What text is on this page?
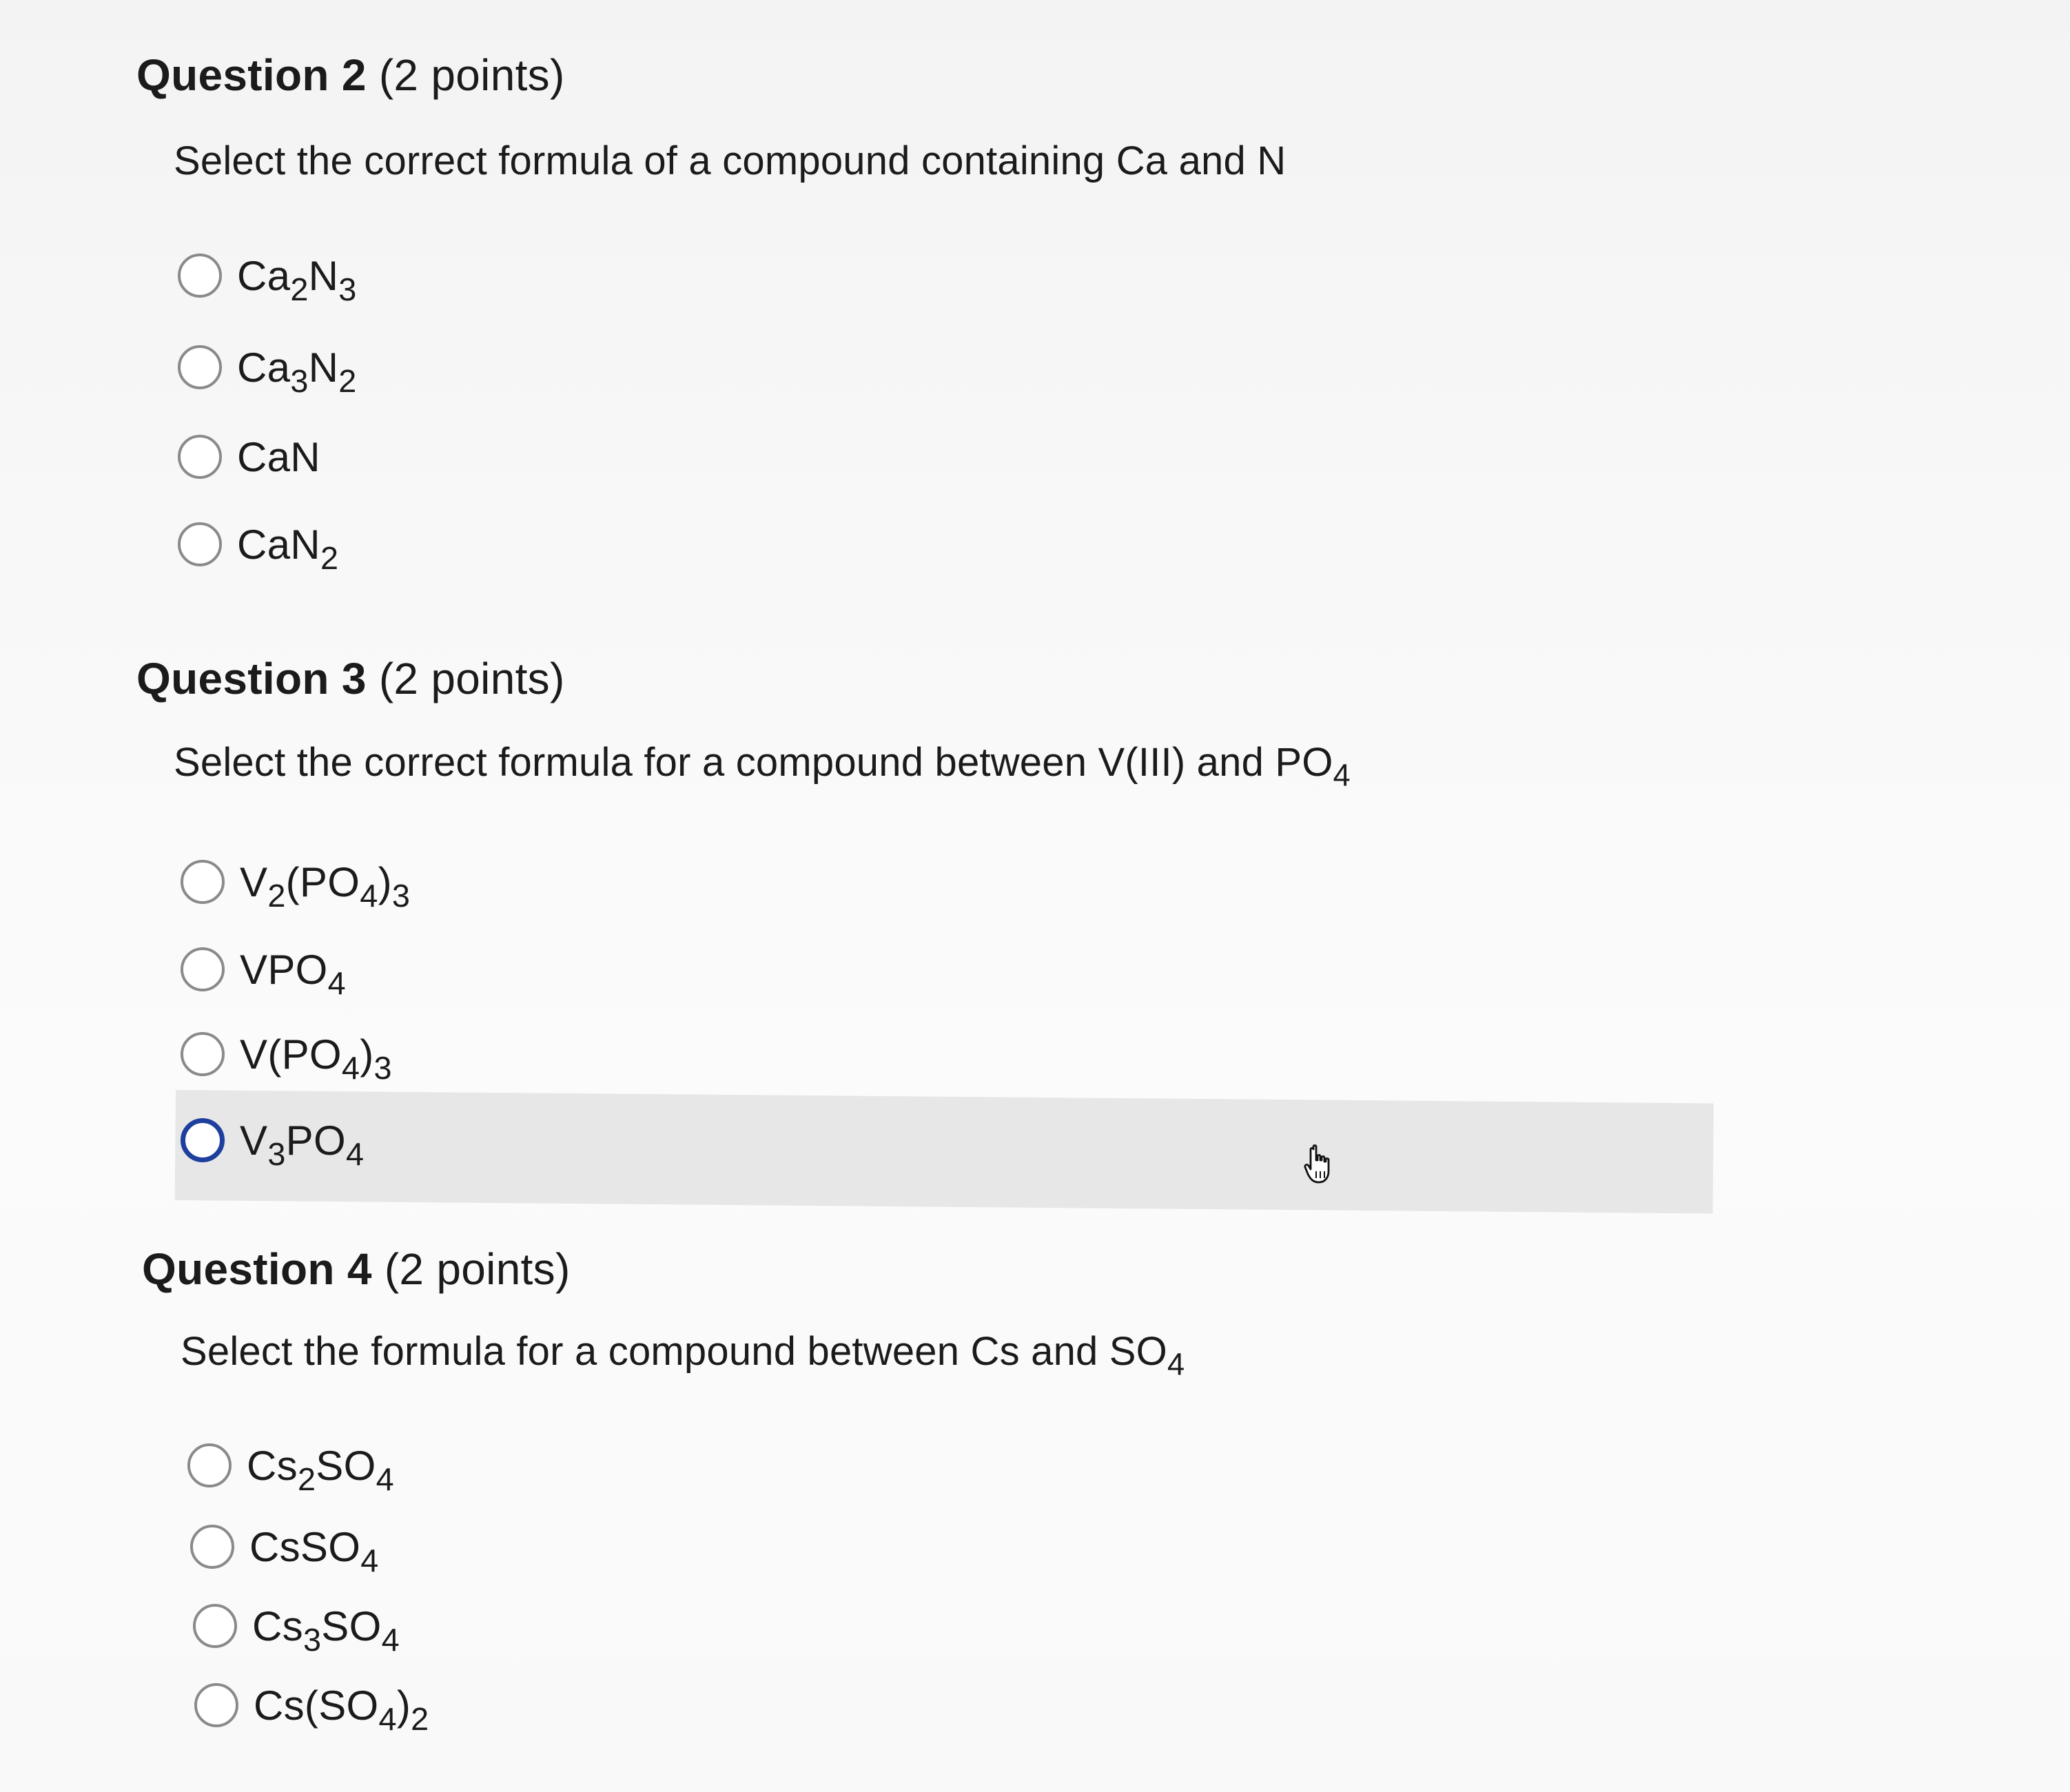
Question 2 (2 points)
Select the correct formula of a compound containing Ca and N
$Ca_2N_3$
$Ca_3N_2$
CaN
CaN$_2$
Question 3 (2 points)
Select the correct formula for a compound between V(III) and $PO_4$
$V_2(PO_4)_3$
$VPO_4$
$V(PO_4)_3$
$V_3PO_4$
Question 4 (2 points)
Select the formula for a compound between Cs and $SO_4$
$Cs_2SO_4$
CsSO$_4$
$Cs_3SO_4$
$Cs(SO_4)_2$
